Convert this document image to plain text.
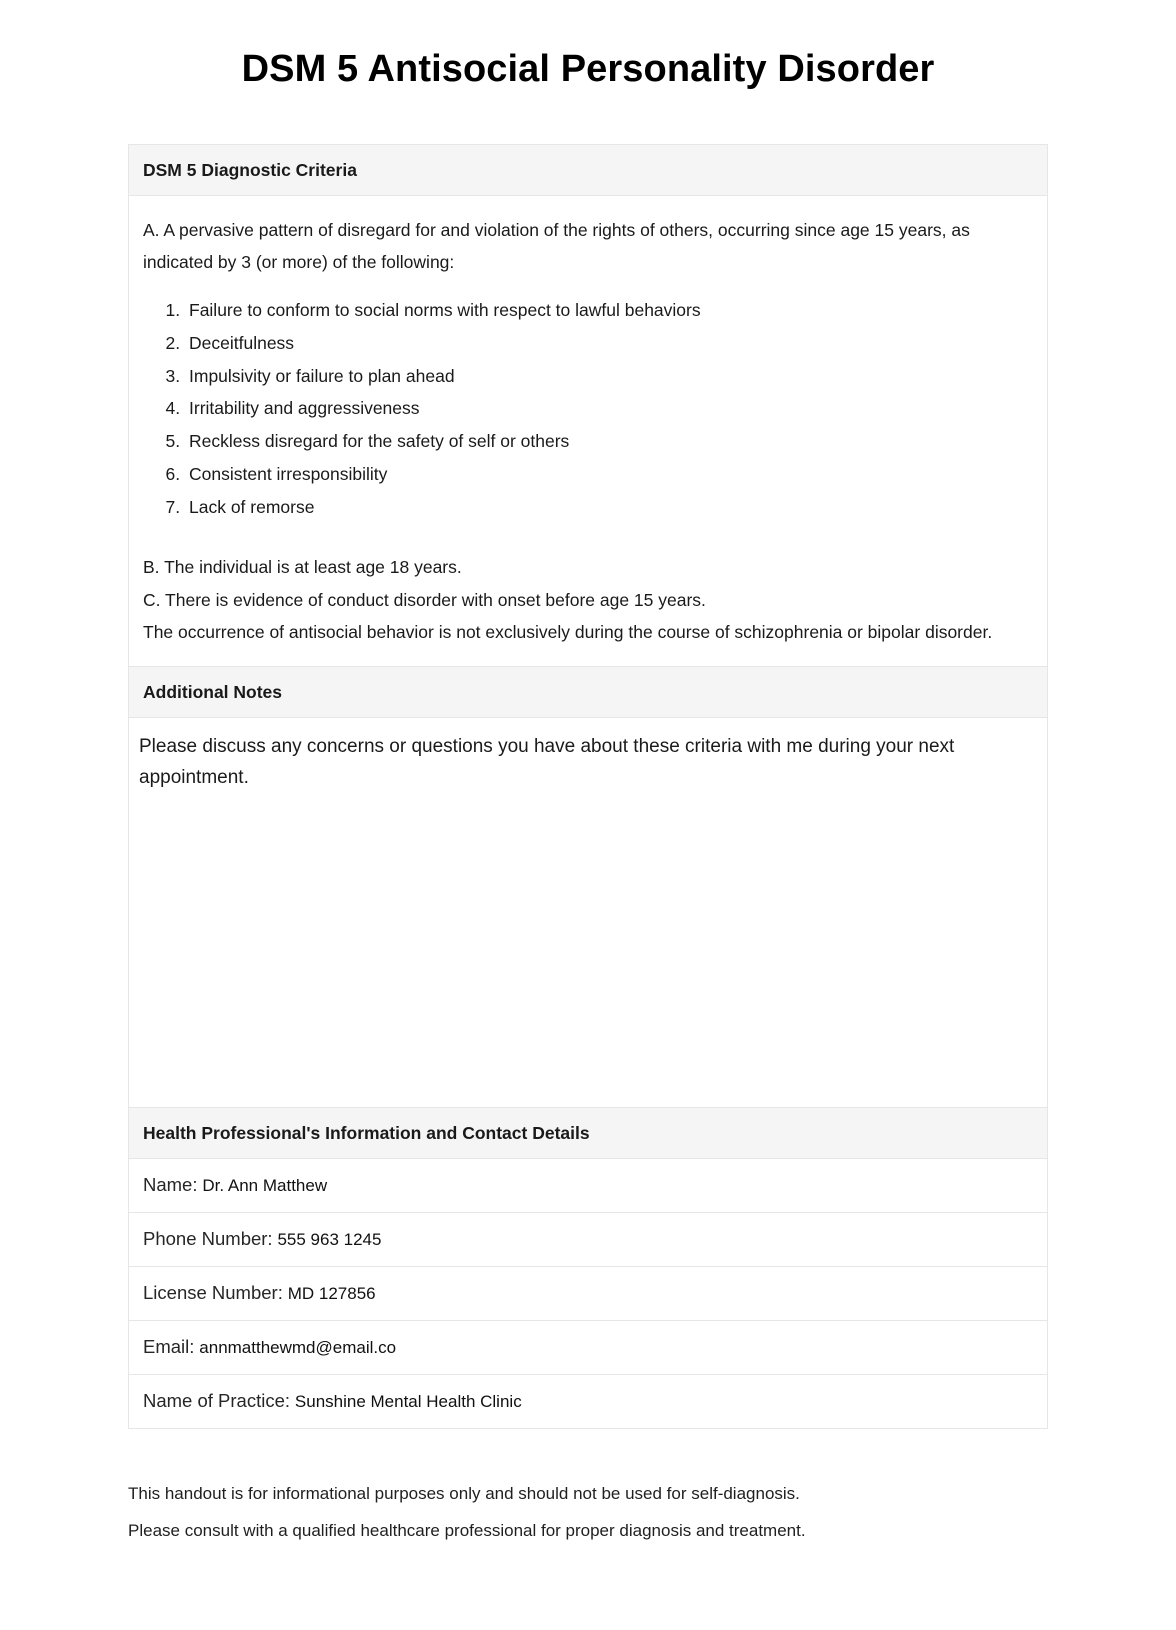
DSM 5 Antisocial Personality Disorder
DSM 5 Diagnostic Criteria

A. A pervasive pattern of disregard for and violation of the rights of others, occurring since age 15 years, as indicated by 3 (or more) of the following:

1. Failure to conform to social norms with respect to lawful behaviors
2. Deceitfulness
3. Impulsivity or failure to plan ahead
4. Irritability and aggressiveness
5. Reckless disregard for the safety of self or others
6. Consistent irresponsibility
7. Lack of remorse

B. The individual is at least age 18 years.

C. There is evidence of conduct disorder with onset before age 15 years.

The occurrence of antisocial behavior is not exclusively during the course of schizophrenia or bipolar disorder.

Additional Notes

Please discuss any concerns or questions you have about these criteria with me during your next appointment.

Health Professional's Information and Contact Details
Name: Dr. Ann Matthew
Phone Number: 555 963 1245
License Number: MD 127856
Email: annmatthewmd@email.co
Name of Practice: Sunshine Mental Health Clinic

This handout is for informational purposes only and should not be used for self-diagnosis.

Please consult with a qualified healthcare professional for proper diagnosis and treatment.
